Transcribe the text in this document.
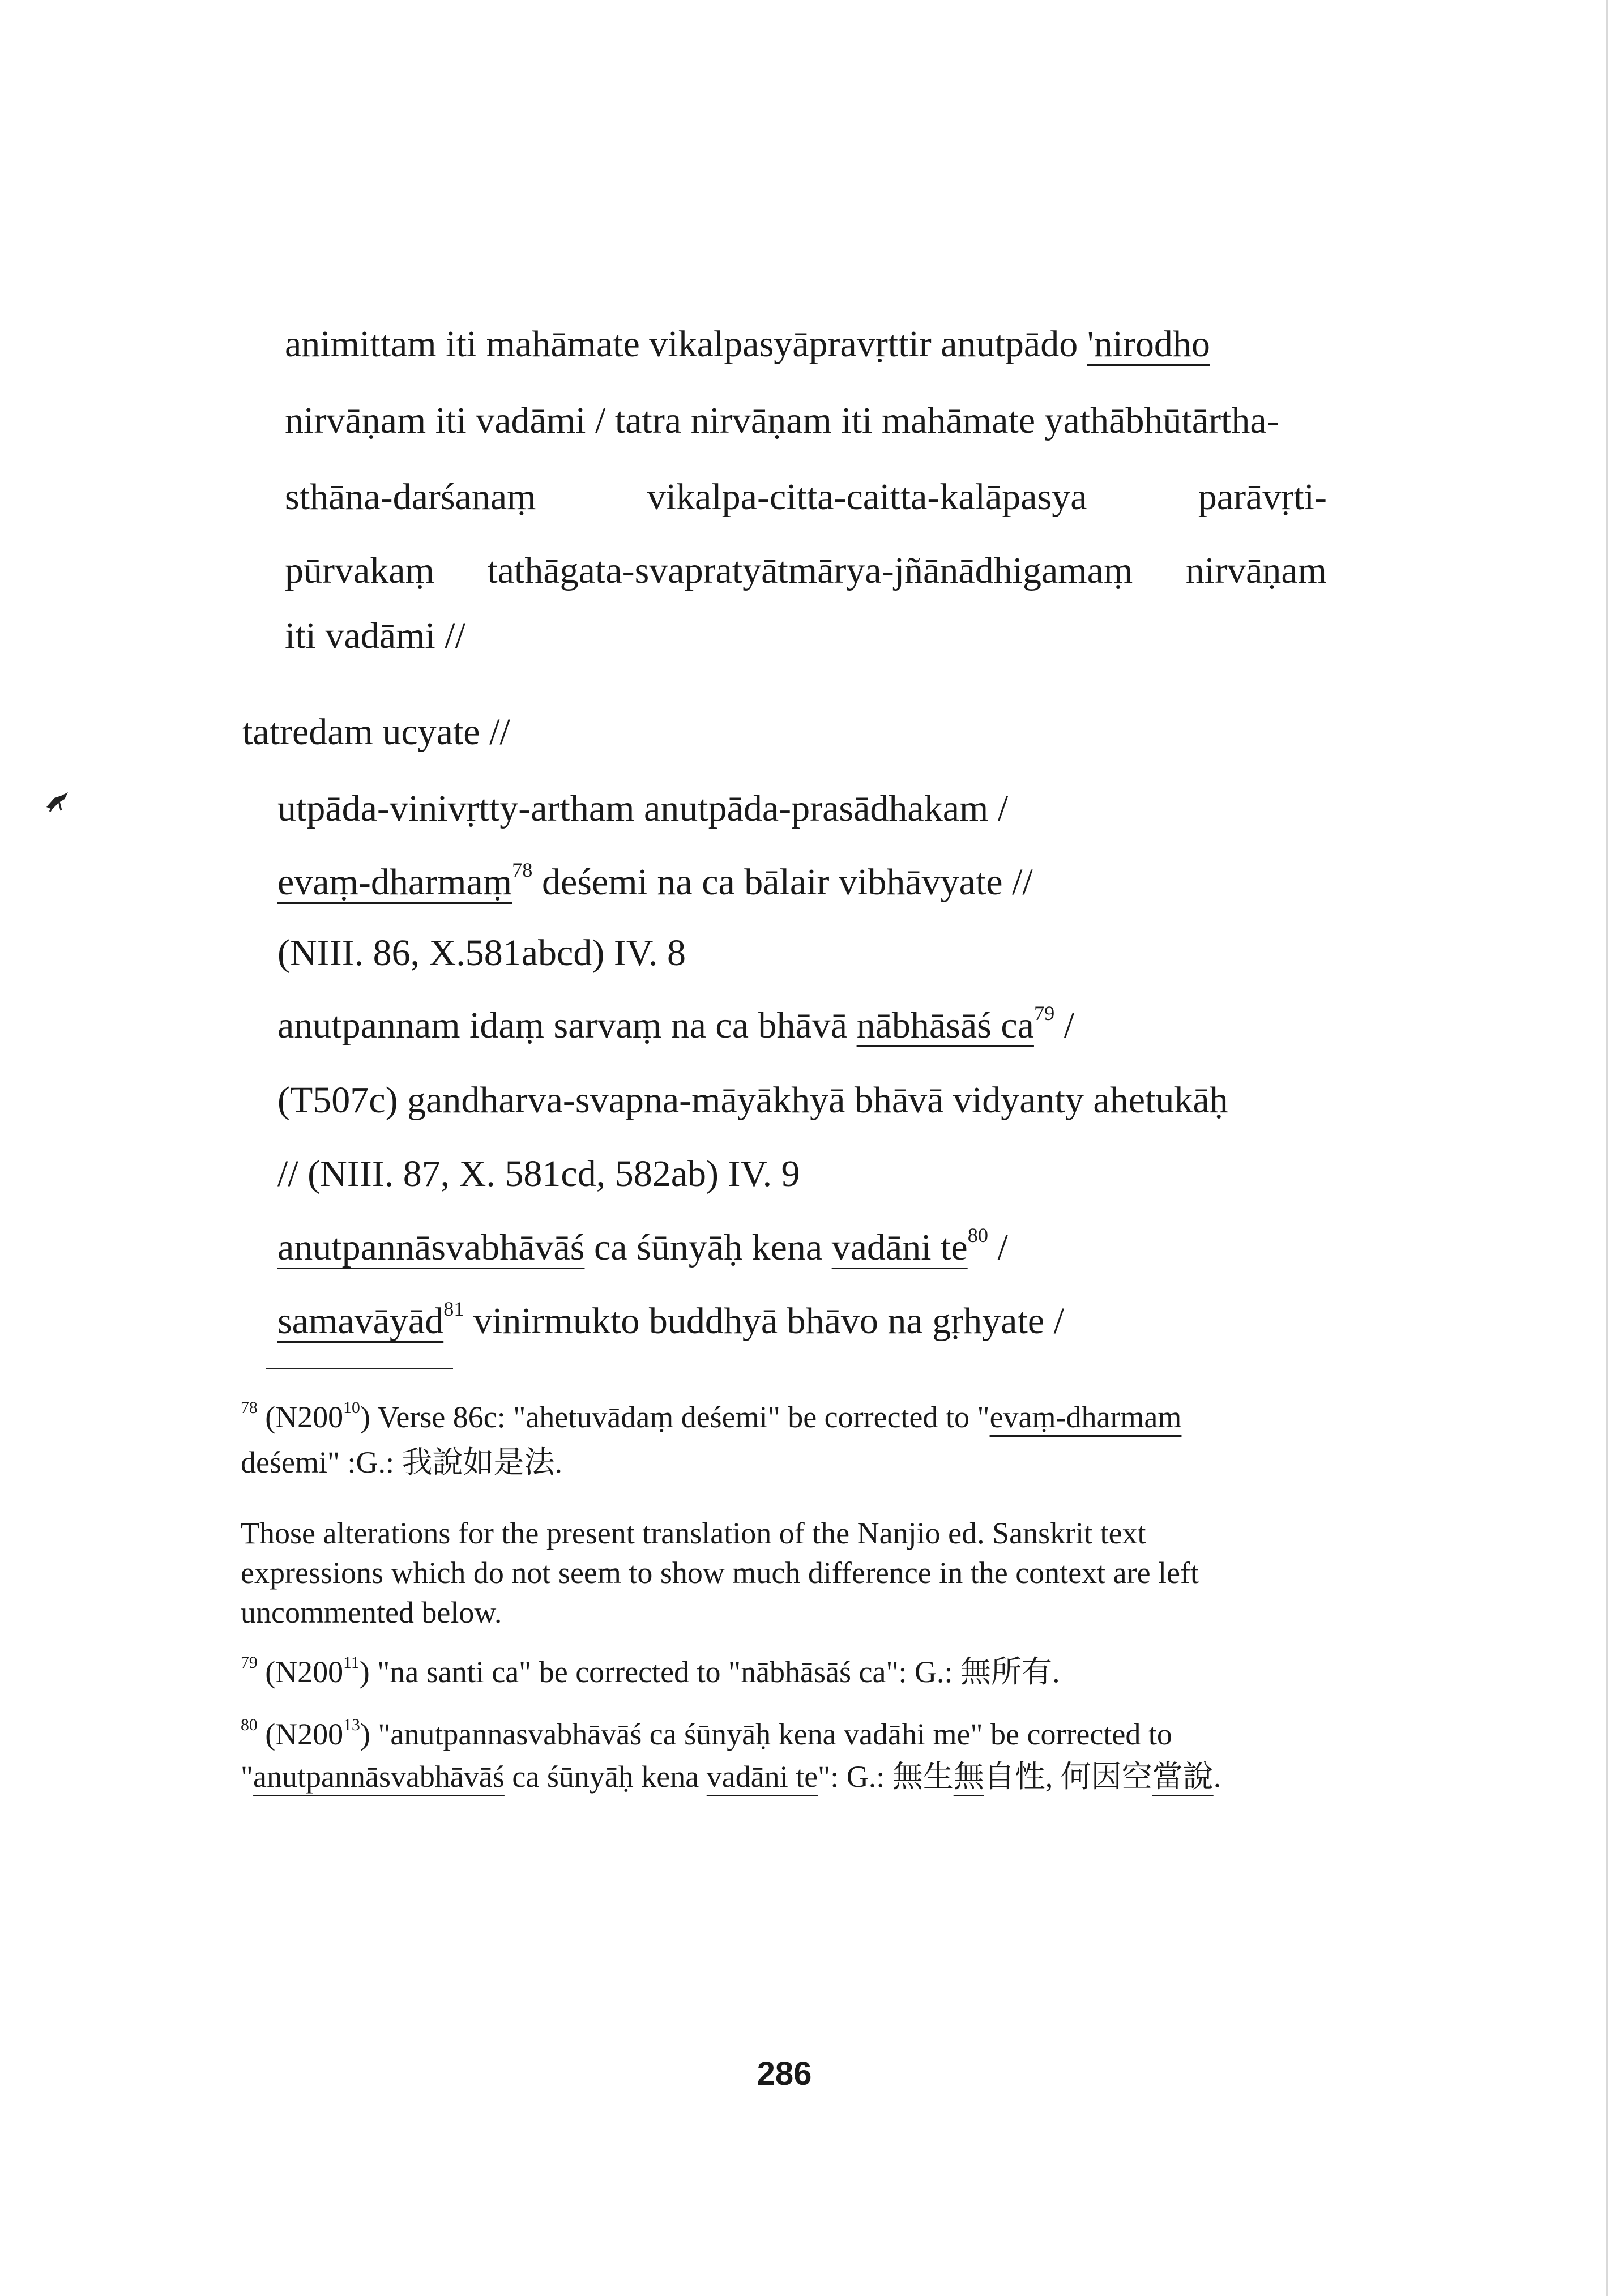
animittam iti mahāmate vikalpasyāpravṛttir anutpādo 'nirodho
nirvāṇam iti vadāmi / tatra nirvāṇam iti mahāmate yathābhūtārtha-
sthāna-darśanaṃ	vikalpa-citta-caitta-kalāpasya	parāvṛti-
pūrvakaṃ tathāgata-svapratyātmārya-jñānādhigamaṃ nirvāṇam
iti vadāmi //
tatredam ucyate //
utpāda-vinivṛtty-artham anutpāda-prasādhakam /
evaṃ-dharmaṃ$^{78}$ deśemi na ca bālair vibhāvyate //
(NIII. 86, X.581abcd) IV. 8
anutpannam idaṃ sarvaṃ na ca bhāvā nābhāsāś $ca^{79}$ /
(T507c) gandharva-svapna-māyākhyā bhāvā vidyanty ahetukāḥ
// (NIII. 87, X. 581cd, 582ab) IV. 9
anutpannāsvabhāvāś ca śūnyāḥ kena vadāni $te^{80}$ /
samavāyād$^{81}$ vinirmukto buddhyā bhāvo na gṛhyate /
$^{78}$ $(N200^{10})$ Verse 86c: "ahetuvādaṃ deśemi" be corrected to "evaṃ-dharmam
deśemi" :G.: 我說如是法.
Those alterations for the present translation of the Nanjio ed. Sanskrit text
expressions which do not seem to show much difference in the context are left
uncommented below.
$^{79}$ $(N200^{11})$ "na santi ca" be corrected to "nābhāsāś ca": G.: 無所有.
$^{80}$ $(N200^{13})$ "anutpannasvabhāvāś ca śūnyāḥ kena vadāhi me" be corrected to
"anutpannāsvabhāvāś ca śūnyāḥ kena vadāni te": G.: 無生無自性, 何因空當說.
286
